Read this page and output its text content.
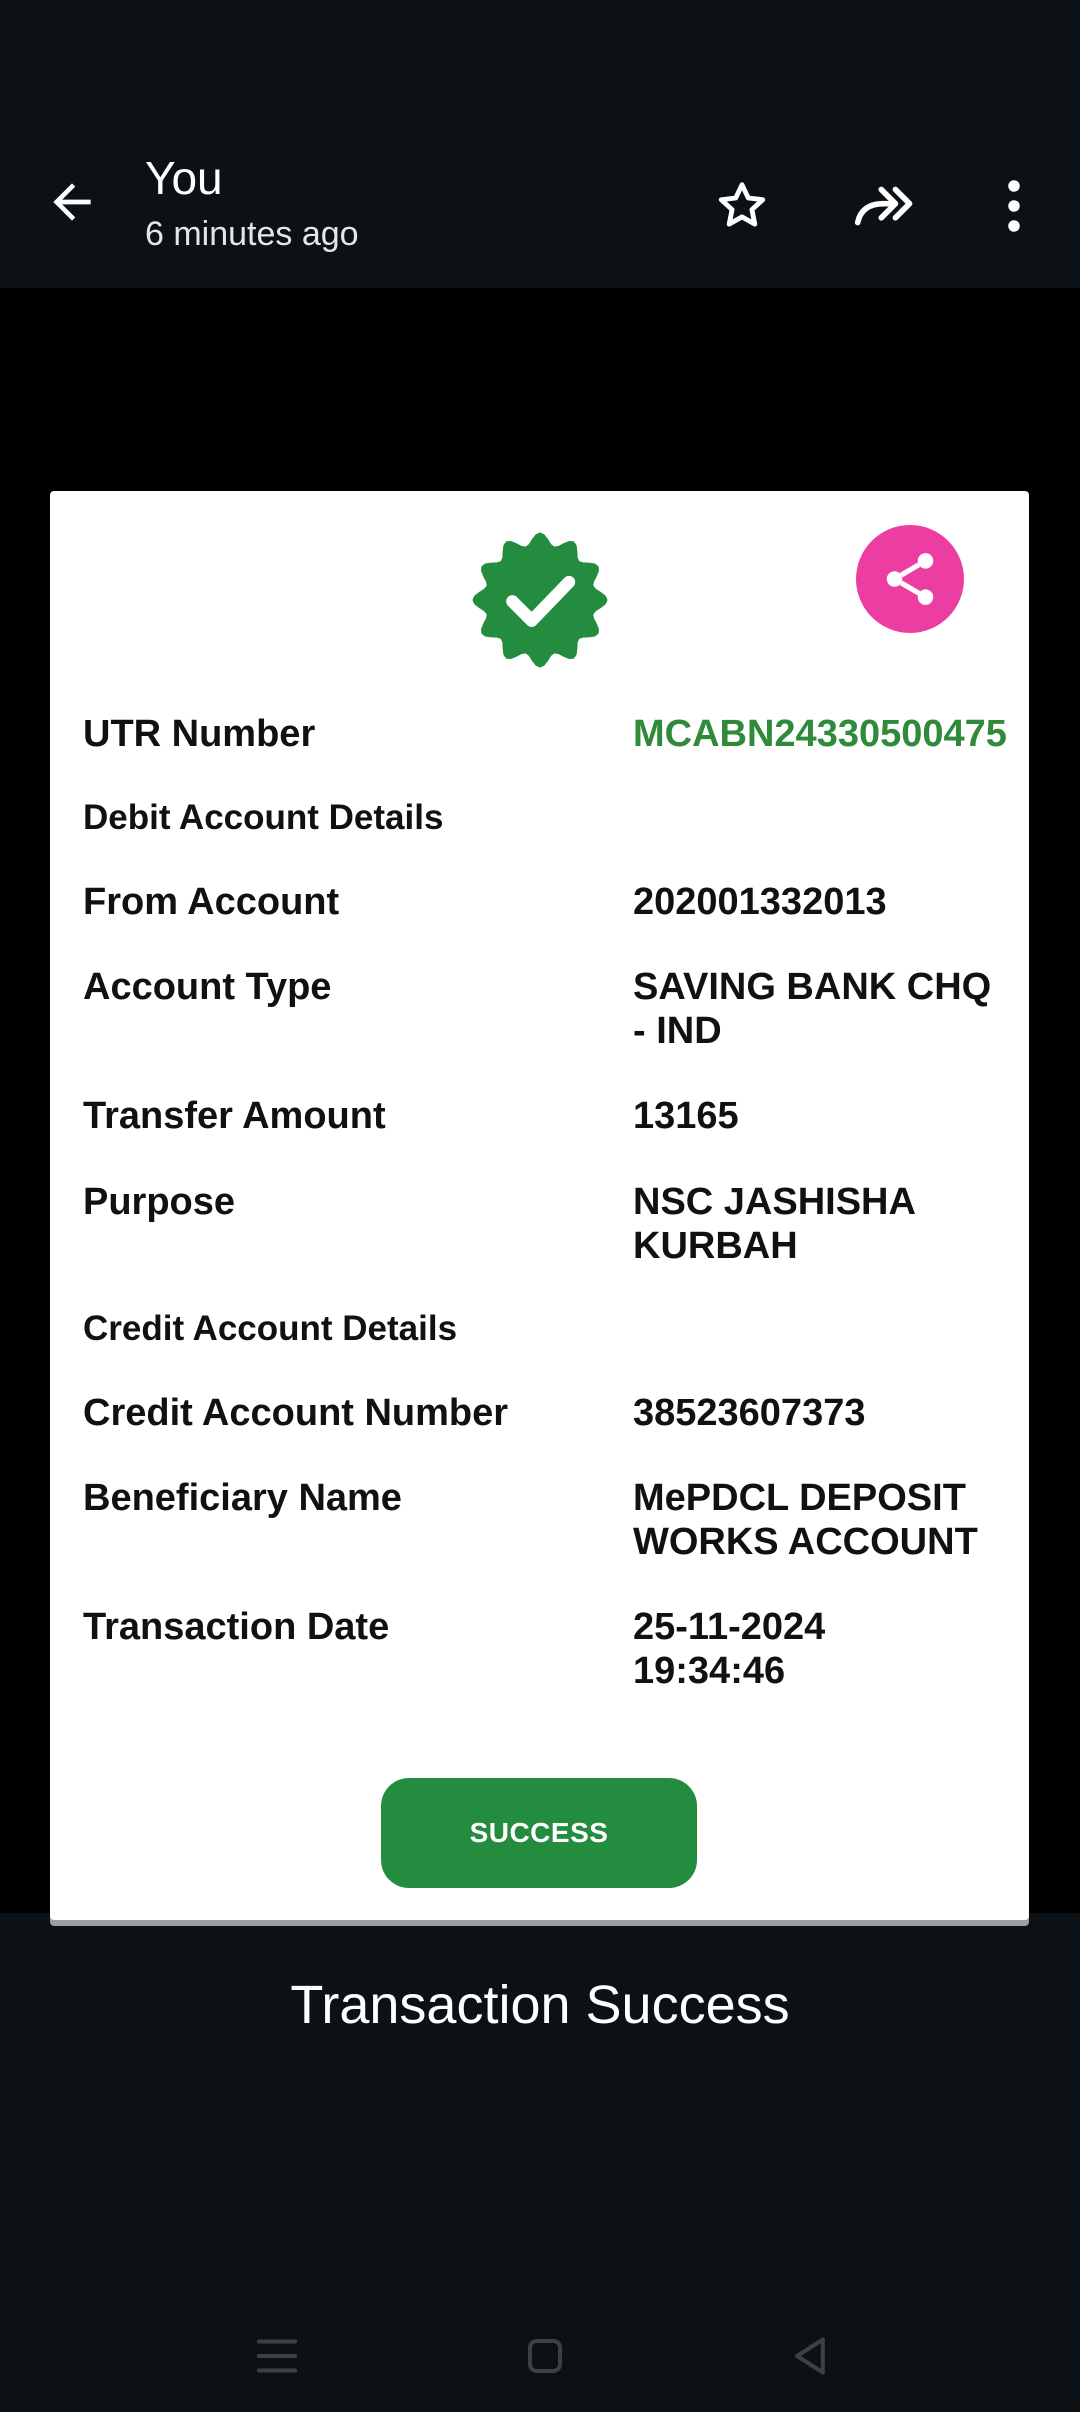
You
6 minutes ago
Transaction Success
UTR Number	MCABN24330500475
Debit Account Details
From Account	202001332013
Account Type	SAVING BANK CHQ
- IND
Transfer Amount	13165
Purpose	NSC JASHISHA
KURBAH
Credit Account Details
Credit Account Number	38523607373
Beneficiary Name	MePDCL DEPOSIT
WORKS ACCOUNT
Transaction Date	25-11-2024
19:34:46
SUCCESS
